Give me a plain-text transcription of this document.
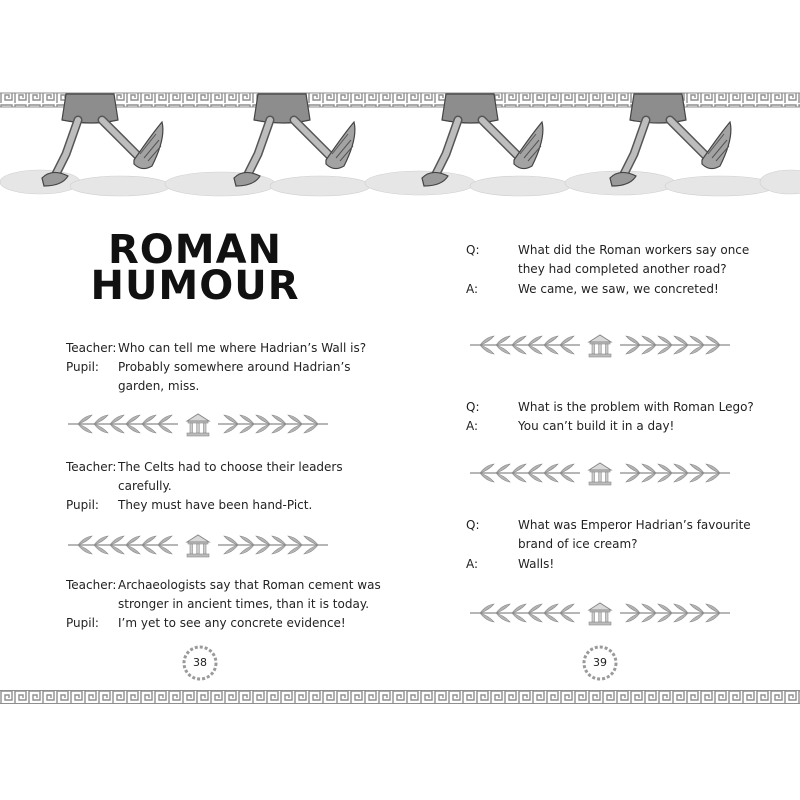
ROMAN
HUMOUR
Teacher: Who can tell me where Hadrian’s Wall is?
Pupil: Probably somewhere around Hadrian’s
garden, miss.
Teacher: The Celts had to choose their leaders
carefully.
Pupil: They must have been hand-Pict.
Teacher: Archaeologists say that Roman cement was
stronger in ancient times, than it is today.
Pupil: I’m yet to see any concrete evidence!
Q:	What did the Roman workers say once
they had completed another road?
A:	We came, we saw, we concreted!
Q:	What is the problem with Roman Lego?
A:	You can’t build it in a day!
Q:	What was Emperor Hadrian’s favourite
brand of ice cream?
A:	Walls!
38	39
